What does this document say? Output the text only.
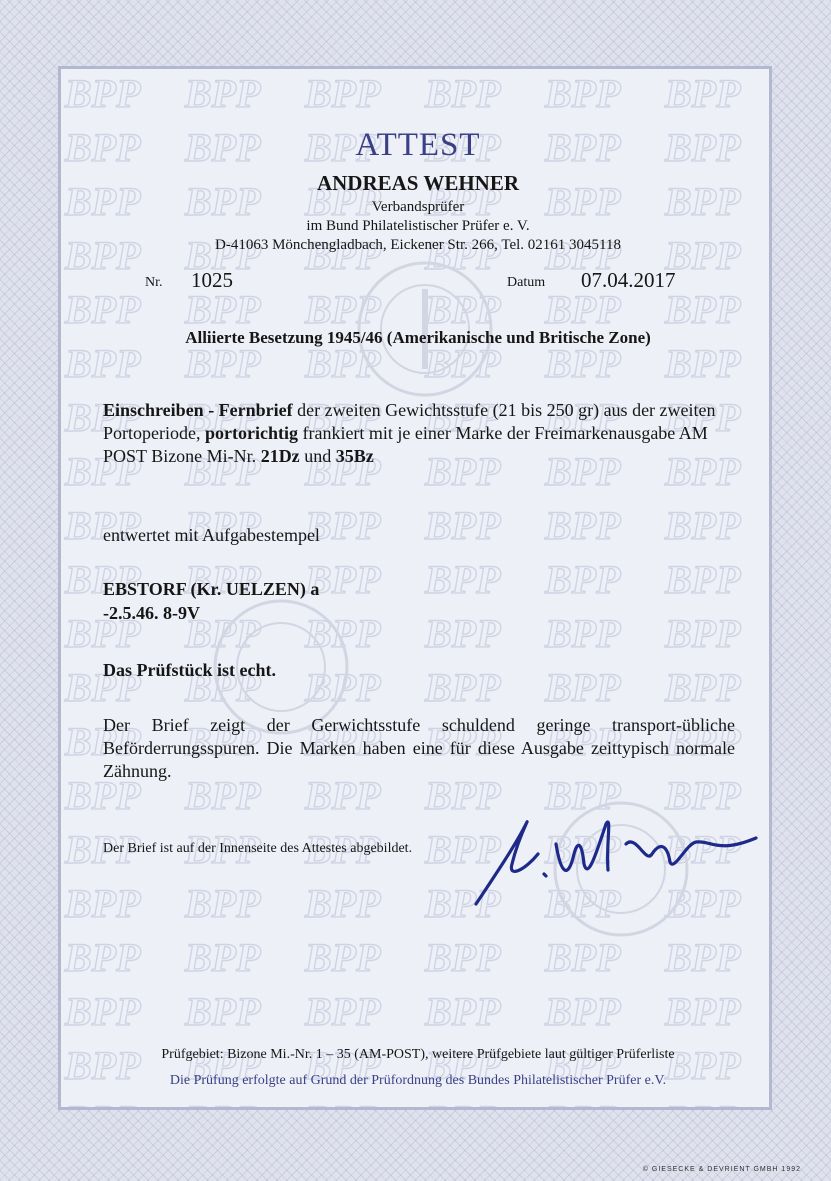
ATTEST
ANDREAS WEHNER
Verbandsprüfer
im Bund Philatelistischer Prüfer e. V.
D-41063 Mönchengladbach, Eickener Str. 266, Tel. 02161 3045118
Nr. 1025	Datum 07.04.2017
Alliierte Besetzung 1945/46 (Amerikanische und Britische Zone)
Einschreiben - Fernbrief der zweiten Gewichtsstufe (21 bis 250 gr) aus der zweiten Portoperiode, portorichtig frankiert mit je einer Marke der Freimarkenausgabe AM POST Bizone Mi-Nr. 21Dz und 35Bz
entwertet mit Aufgabestempel
EBSTORF (Kr. UELZEN) a
-2.5.46. 8-9V
Das Prüfstück ist echt.
Der Brief zeigt der Gerwichtsstufe schuldend geringe transport-übliche Beförderrungsspuren. Die Marken haben eine für diese Ausgabe zeittypisch normale Zähnung.
Der Brief ist auf der Innenseite des Attestes abgebildet.
Prüfgebiet: Bizone Mi.-Nr. 1 – 35 (AM-POST), weitere Prüfgebiete laut gültiger Prüferliste
Die Prüfung erfolgte auf Grund der Prüfordnung des Bundes Philatelistischer Prüfer e.V.
© GIESECKE & DEVRIENT GMBH 1992
